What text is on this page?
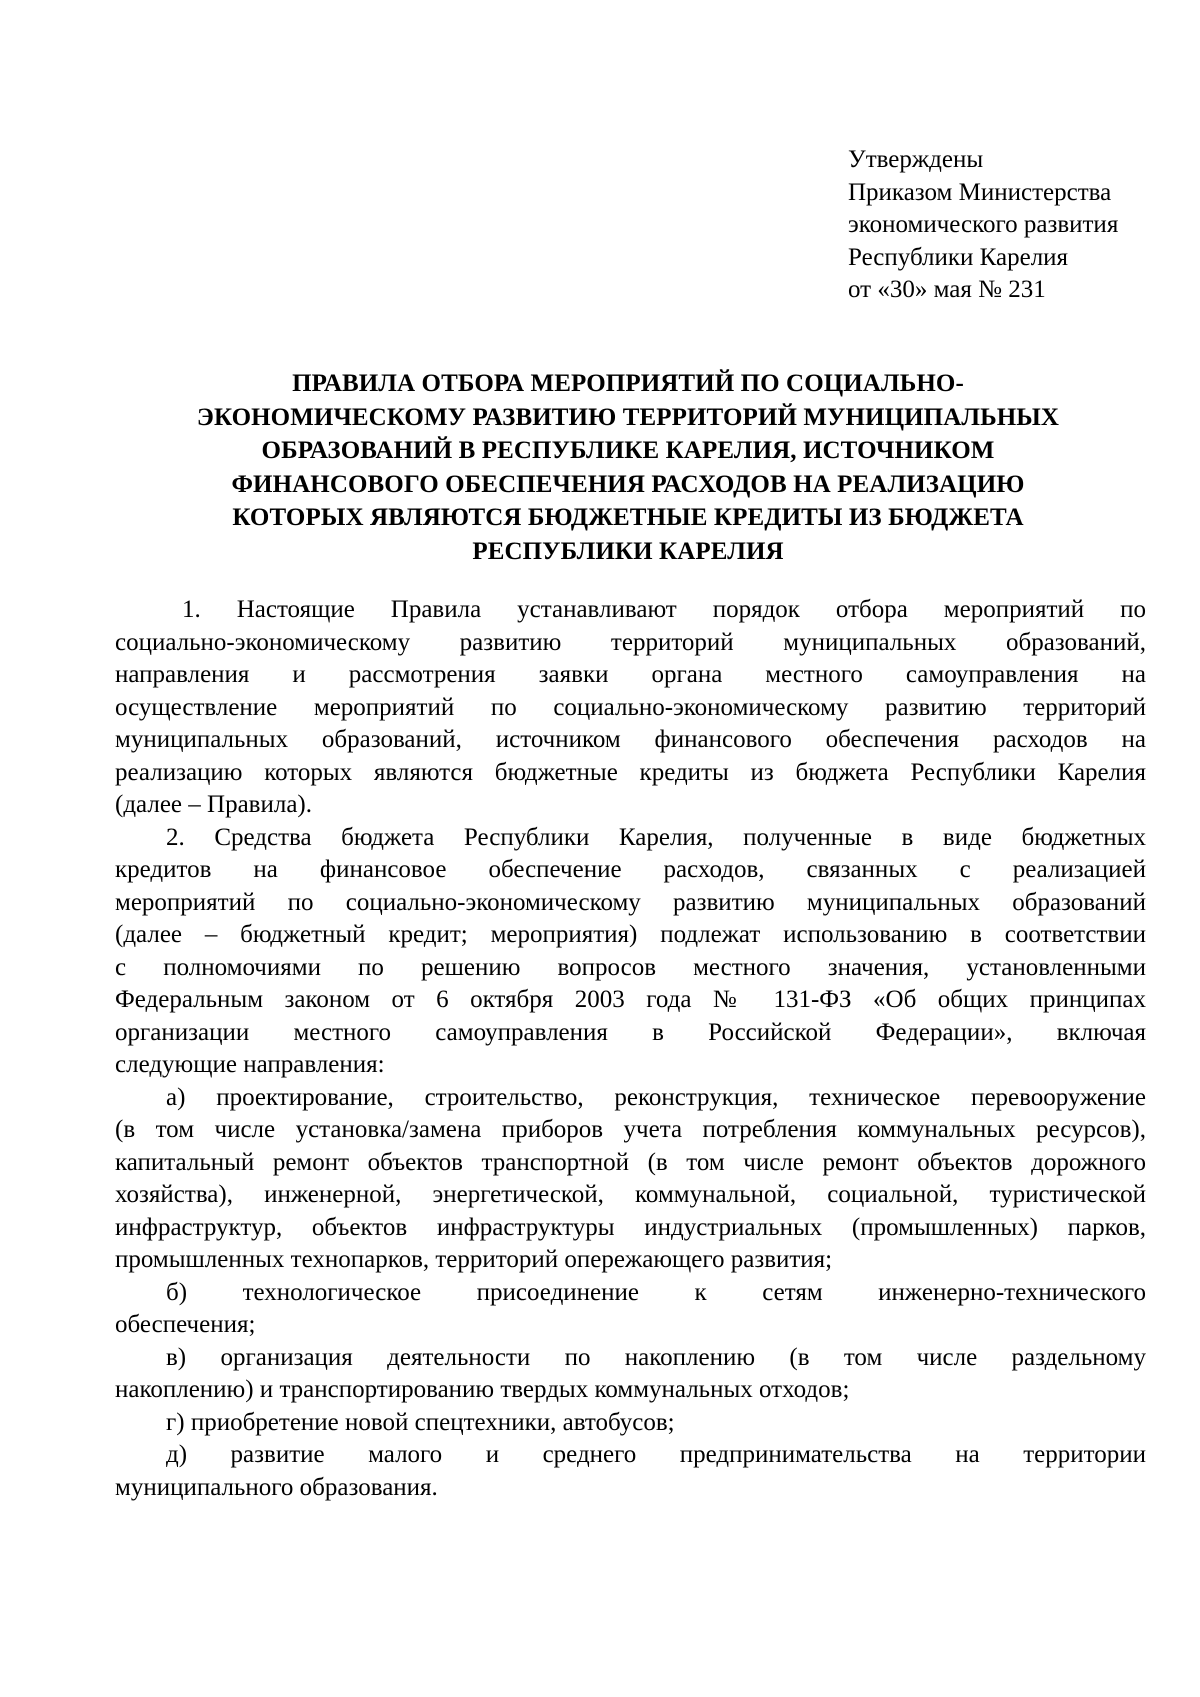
Утверждены
Приказом Министерства
экономического развития
Республики Карелия
от «30» мая № 231
ПРАВИЛА ОТБОРА МЕРОПРИЯТИЙ ПО СОЦИАЛЬНО-
ЭКОНОМИЧЕСКОМУ РАЗВИТИЮ ТЕРРИТОРИЙ МУНИЦИПАЛЬНЫХ
ОБРАЗОВАНИЙ В РЕСПУБЛИКЕ КАРЕЛИЯ, ИСТОЧНИКОМ
ФИНАНСОВОГО ОБЕСПЕЧЕНИЯ РАСХОДОВ НА РЕАЛИЗАЦИЮ
КОТОРЫХ ЯВЛЯЮТСЯ БЮДЖЕТНЫЕ КРЕДИТЫ ИЗ БЮДЖЕТА
РЕСПУБЛИКИ КАРЕЛИЯ
1. Настоящие Правила устанавливают порядок отбора мероприятий по
социально-экономическому развитию территорий муниципальных образований,
направления и рассмотрения заявки органа местного самоуправления на
осуществление мероприятий по социально-экономическому развитию территорий
муниципальных образований, источником финансового обеспечения расходов на
реализацию которых являются бюджетные кредиты из бюджета Республики Карелия
(далее – Правила).
2. Средства бюджета Республики Карелия, полученные в виде бюджетных
кредитов на финансовое обеспечение расходов, связанных с реализацией
мероприятий по социально-экономическому развитию муниципальных образований
(далее – бюджетный кредит; мероприятия) подлежат использованию в соответствии
с полномочиями по решению вопросов местного значения, установленными
Федеральным законом от 6 октября 2003 года № 131-ФЗ «Об общих принципах
организации местного самоуправления в Российской Федерации», включая
следующие направления:
а) проектирование, строительство, реконструкция, техническое перевооружение
(в том числе установка/замена приборов учета потребления коммунальных ресурсов),
капитальный ремонт объектов транспортной (в том числе ремонт объектов дорожного
хозяйства), инженерной, энергетической, коммунальной, социальной, туристической
инфраструктур, объектов инфраструктуры индустриальных (промышленных) парков,
промышленных технопарков, территорий опережающего развития;
б) технологическое присоединение к сетям инженерно-технического
обеспечения;
в) организация деятельности по накоплению (в том числе раздельному
накоплению) и транспортированию твердых коммунальных отходов;
г) приобретение новой спецтехники, автобусов;
д) развитие малого и среднего предпринимательства на территории
муниципального образования.
